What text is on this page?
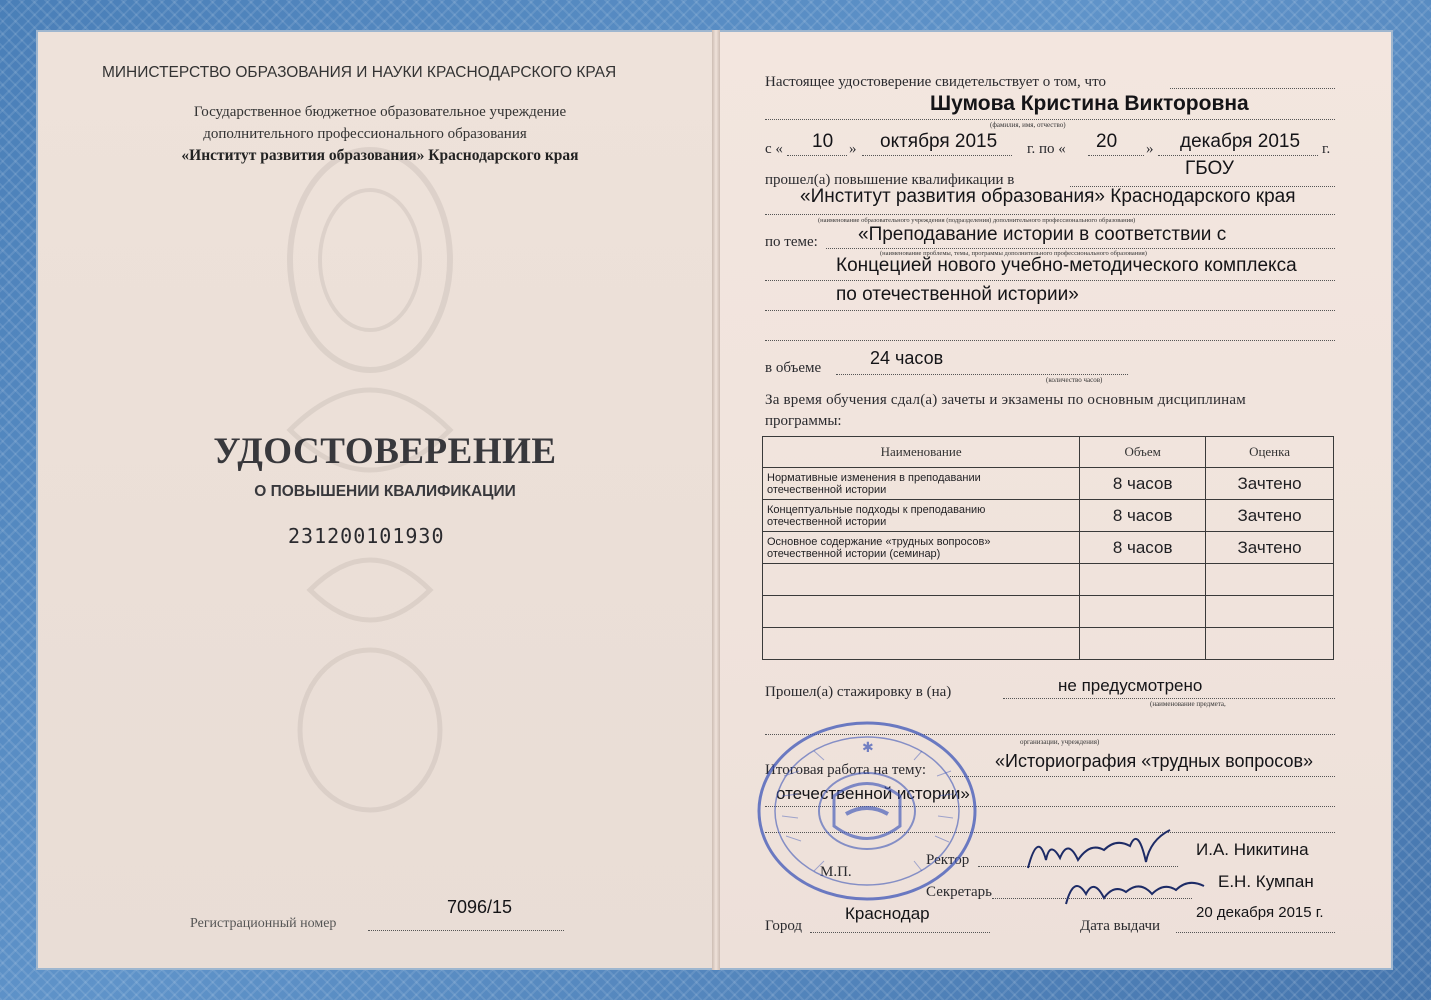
МИНИСТЕРСТВО ОБРАЗОВАНИЯ И НАУКИ КРАСНОДАРСКОГО КРАЯ
Государственное бюджетное образовательное учреждение
дополнительного профессионального образования
«Институт развития образования» Краснодарского края
УДОСТОВЕРЕНИЕ
О ПОВЫШЕНИИ КВАЛИФИКАЦИИ
231200101930
Регистрационный номер
7096/15
Настоящее удостоверение свидетельствует о том, что
Шумова Кристина Викторовна
(фамилия, имя, отчество)
с « 10 » октября 2015 г. по « 20 » декабря 2015 г.
прошел(а) повышение квалификации в
ГБОУ
«Институт развития образования» Краснодарского края
(наименование образовательного учреждения (подразделения) дополнительного профессионального образования)
по теме: «Преподавание истории в соответствии с
(наименование проблемы, темы, программы дополнительного профессионального образования)
Концецией нового учебно-методического комплекса
по отечественной истории»
в объеме	24 часов
(количество часов)
За время обучения сдал(а) зачеты и экзамены по основным дисциплинам
программы:
Наименование	Объем	Оценка
Нормативные изменения в преподавании
отечественной истории	8 часов	Зачтено
Концептуальные подходы к преподаванию
отечественной истории	8 часов	Зачтено
Основное содержание «трудных вопросов»
отечественной истории (семинар)	8 часов	Зачтено

Прошел(а) стажировку в (на)	не предусмотрено
(наименование предмета,
организации, учреждения)
Итоговая работа на тему:	«Историография «трудных вопросов»
отечественной истории»
Ректор
И.А. Никитина
М.П.
Секретарь
Е.Н. Кумпан
Город
Краснодар
Дата выдачи
20 декабря 2015 г.
✱
